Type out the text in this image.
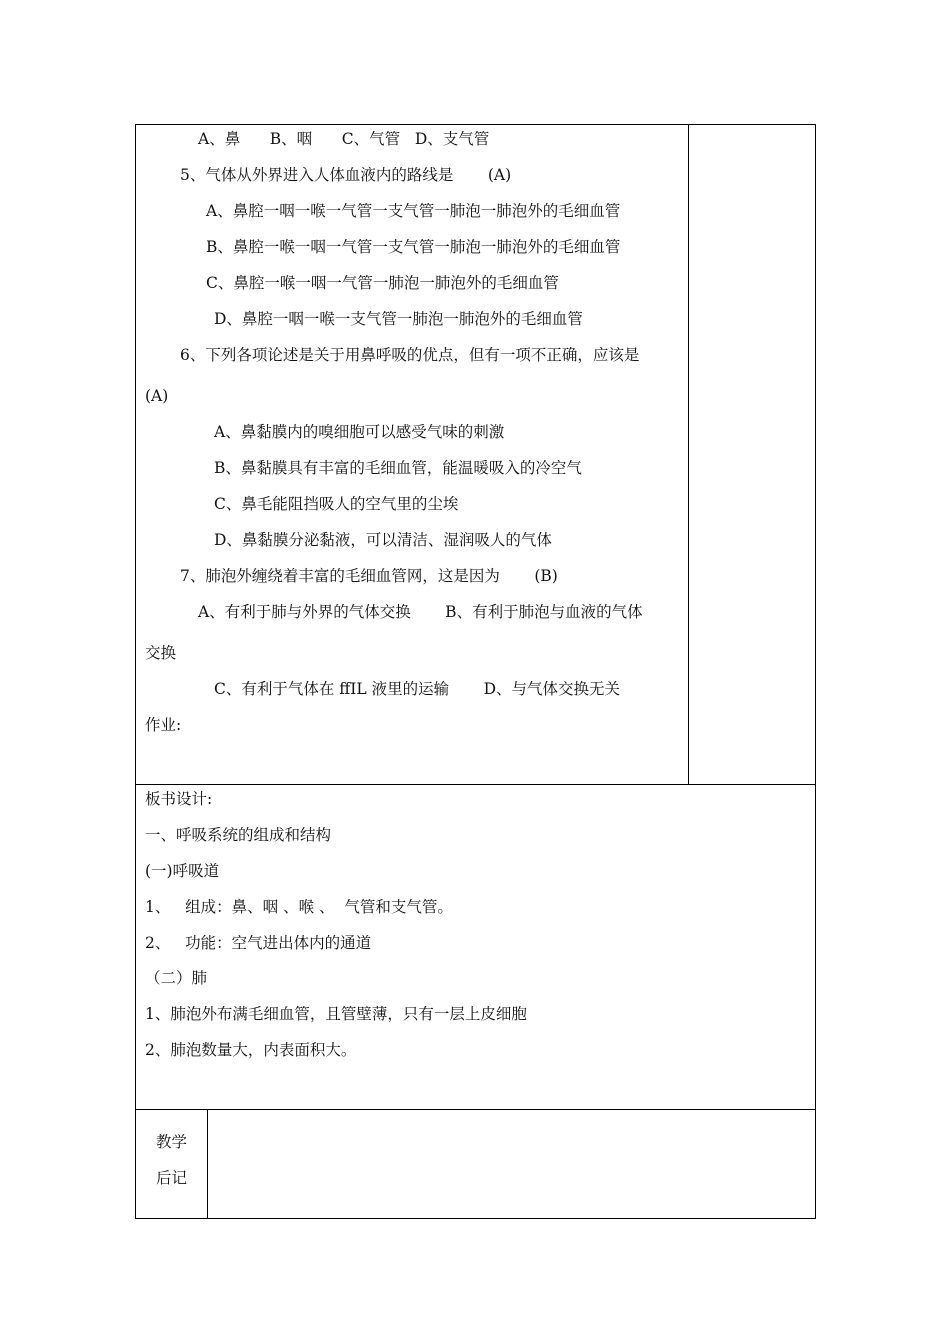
A、鼻      B、咽      C、气管   D、支气管
5、气体从外界进入人体血液内的路线是       (A)
A、鼻腔一咽一喉一气管一支气管一肺泡一肺泡外的毛细血管
B、鼻腔一喉一咽一气管一支气管一肺泡一肺泡外的毛细血管
C、鼻腔一喉一咽一气管一肺泡一肺泡外的毛细血管
D、鼻腔一咽一喉一支气管一肺泡一肺泡外的毛细血管
6、下列各项论述是关于用鼻呼吸的优点，但有一项不正确，应该是
(A)
A、鼻黏膜内的嗅细胞可以感受气味的刺激
B、鼻黏膜具有丰富的毛细血管，能温暖吸入的冷空气
C、鼻毛能阻挡吸人的空气里的尘埃
D、鼻黏膜分泌黏液，可以清洁、湿润吸人的气体
7、肺泡外缠绕着丰富的毛细血管网，这是因为       (B)
A、有利于肺与外界的气体交换       B、有利于肺泡与血液的气体
交换
C、有利于气体在 ffIL 液里的运输       D、与气体交换无关
作业:
板书设计:
一、呼吸系统的组成和结构
(一)呼吸道
1、   组成：鼻、咽 、喉 、  气管和支气管。
2、   功能：空气进出体内的通道
（二）肺
1、肺泡外布满毛细血管，且管壁薄，只有一层上皮细胞
2、肺泡数量大，内表面积大。
教学
后记
